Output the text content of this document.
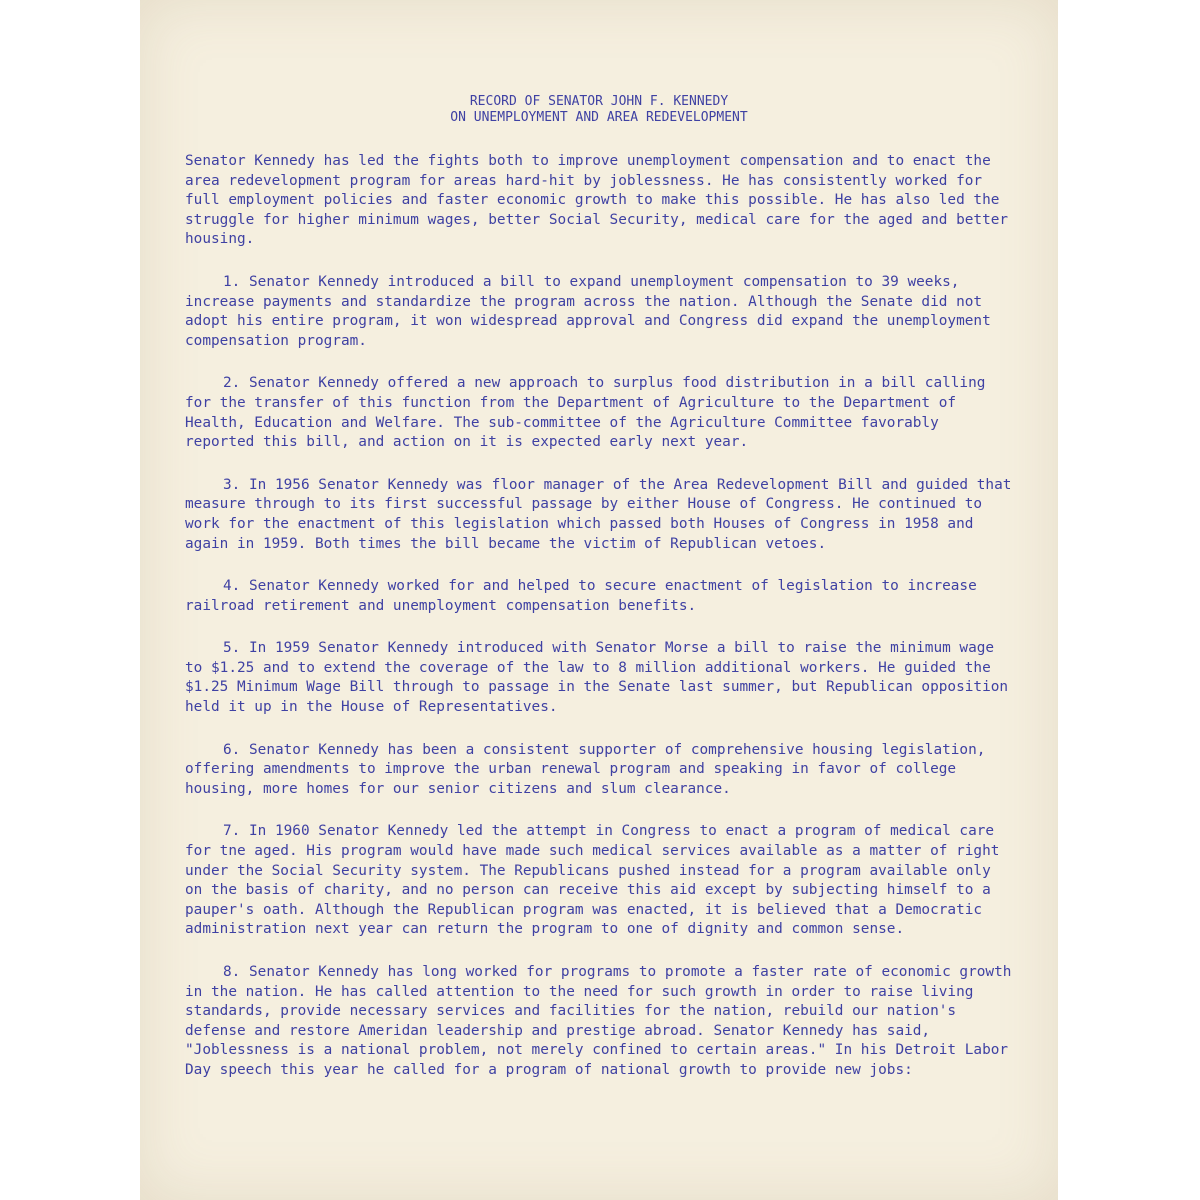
RECORD OF SENATOR JOHN F. KENNEDY
ON UNEMPLOYMENT AND AREA REDEVELOPMENT

Senator Kennedy has led the fights both to improve unemployment compensation and to enact the area redevelopment program for areas hard-hit by joblessness. He has consistently worked for full employment policies and faster economic growth to make this possible. He has also led the struggle for higher minimum wages, better Social Security, medical care for the aged and better housing.

1. Senator Kennedy introduced a bill to expand unemployment compensation to 39 weeks, increase payments and standardize the program across the nation. Although the Senate did not adopt his entire program, it won widespread approval and Congress did expand the unemployment compensation program.

2. Senator Kennedy offered a new approach to surplus food distribution in a bill calling for the transfer of this function from the Department of Agriculture to the Department of Health, Education and Welfare. The sub-committee of the Agriculture Committee favorably reported this bill, and action on it is expected early next year.

3. In 1956 Senator Kennedy was floor manager of the Area Redevelopment Bill and guided that measure through to its first successful passage by either House of Congress. He continued to work for the enactment of this legislation which passed both Houses of Congress in 1958 and again in 1959. Both times the bill became the victim of Republican vetoes.

4. Senator Kennedy worked for and helped to secure enactment of legislation to increase railroad retirement and unemployment compensation benefits.

5. In 1959 Senator Kennedy introduced with Senator Morse a bill to raise the minimum wage to $1.25 and to extend the coverage of the law to 8 million additional workers. He guided the $1.25 Minimum Wage Bill through to passage in the Senate last summer, but Republican opposition held it up in the House of Representatives.

6. Senator Kennedy has been a consistent supporter of comprehensive housing legislation, offering amendments to improve the urban renewal program and speaking in favor of college housing, more homes for our senior citizens and slum clearance.

7. In 1960 Senator Kennedy led the attempt in Congress to enact a program of medical care for tne aged. His program would have made such medical services available as a matter of right under the Social Security system. The Republicans pushed instead for a program available only on the basis of charity, and no person can receive this aid except by subjecting himself to a pauper's oath. Although the Republican program was enacted, it is believed that a Democratic administration next year can return the program to one of dignity and common sense.

8. Senator Kennedy has long worked for programs to promote a faster rate of economic growth in the nation. He has called attention to the need for such growth in order to raise living standards, provide necessary services and facilities for the nation, rebuild our nation's defense and restore Ameridan leadership and prestige abroad. Senator Kennedy has said, "Joblessness is a national problem, not merely confined to certain areas." In his Detroit Labor Day speech this year he called for a program of national growth to provide new jobs:
